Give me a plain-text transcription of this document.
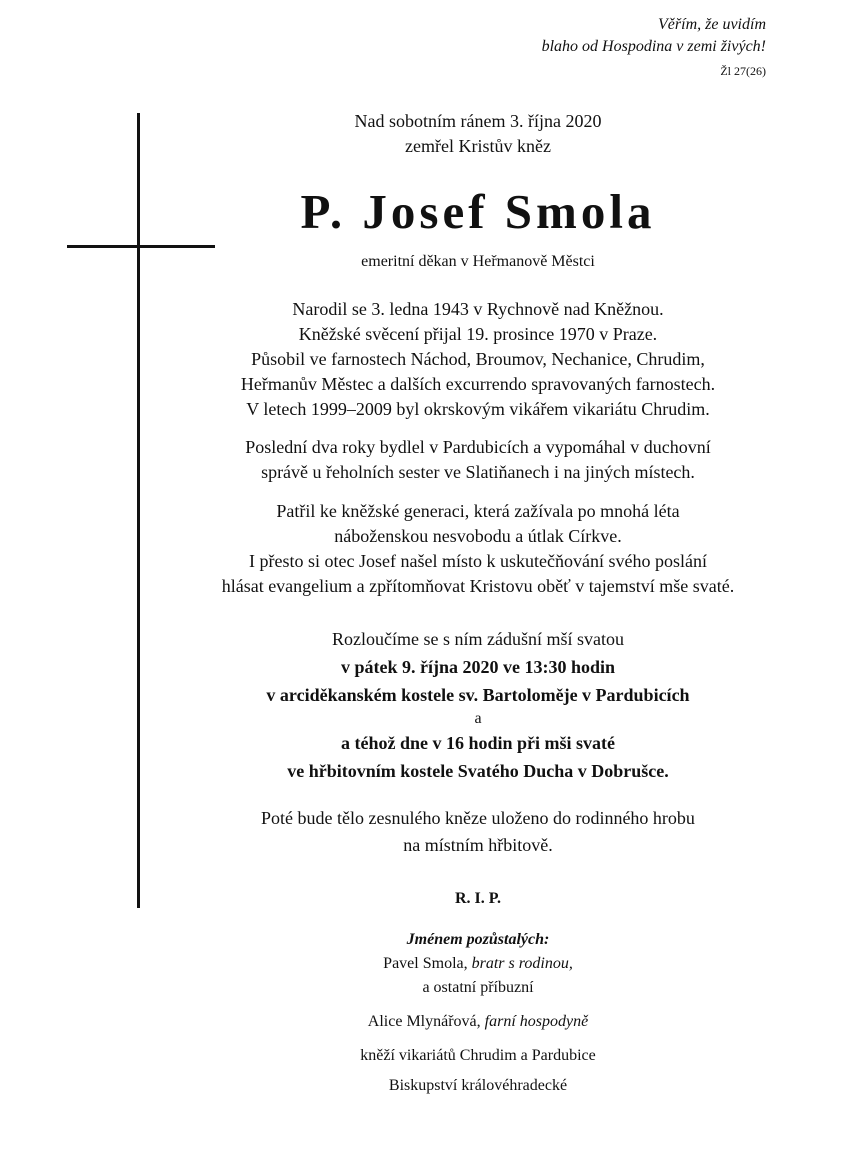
Věřím, že uvidím
blaho od Hospodina v zemi živých!
Žl 27(26)
Nad sobotním ránem 3. října 2020
zemřel Kristův kněz
P. Josef Smola
emeritní děkan v Heřmanově Městci
Narodil se 3. ledna 1943 v Rychnově nad Kněžnou.
Kněžské svěcení přijal 19. prosince 1970 v Praze.
Působil ve farnostech Náchod, Broumov, Nechanice, Chrudim,
Heřmanův Městec a dalších excurrendo spravovaných farnostech.
V letech 1999–2009 byl okrskovým vikářem vikariátu Chrudim.
Poslední dva roky bydlel v Pardubicích a vypomáhal v duchovní
správě u řeholních sester ve Slatiňanech i na jiných místech.
Patřil ke kněžské generaci, která zažívala po mnohá léta
náboženskou nesvobodu a útlak Církve.
I přesto si otec Josef našel místo k uskutečňování svého poslání
hlásat evangelium a zpřítomňovat Kristovu oběť v tajemství mše svaté.
Rozloučíme se s ním zádušní mší svatou
v pátek 9. října 2020 ve 13:30 hodin
v arciděkanském kostele sv. Bartoloměje v Pardubicích
a
a téhož dne v 16 hodin při mši svaté
ve hřbitovním kostele Svatého Ducha v Dobrušce.
Poté bude tělo zesnulého kněze uloženo do rodinného hrobu
na místním hřbitově.
R. I. P.
Jménem pozůstalých:
Pavel Smola, bratr s rodinou,
a ostatní příbuzní
Alice Mlynářová, farní hospodyně
kněží vikariátů Chrudim a Pardubice
Biskupství královéhradecké
